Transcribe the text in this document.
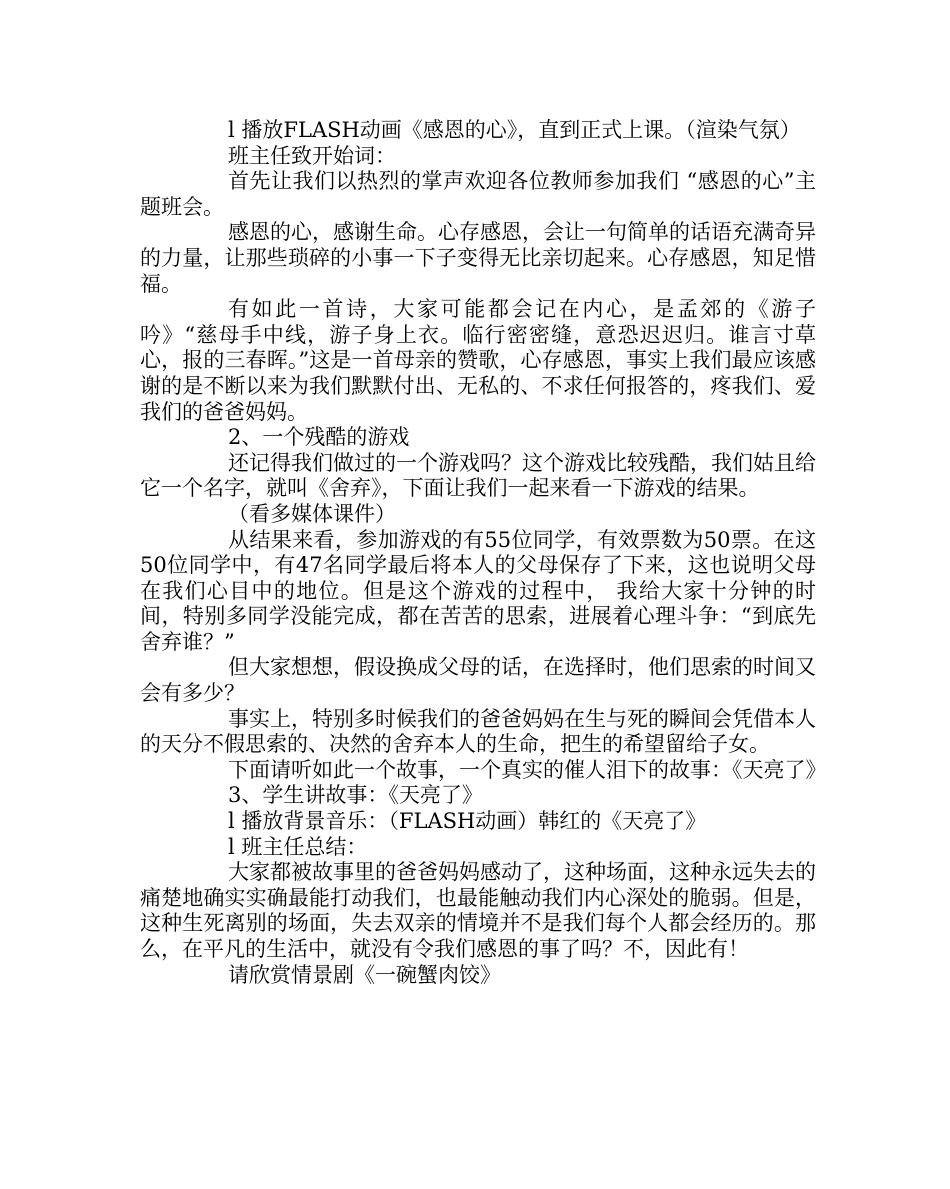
l 播放FLASH动画《感恩的心》，直到正式上课。（渲染气氛）

班主任致开始词：

首先让我们以热烈的掌声欢迎各位教师参加我们 “感恩的心”主题班会。

感恩的心，感谢生命。心存感恩，会让一句简单的话语充满奇异的力量，让那些琐碎的小事一下子变得无比亲切起来。心存感恩，知足惜福。

有如此一首诗，大家可能都会记在内心，是孟郊的《游子吟》“慈母手中线，游子身上衣。临行密密缝，意恐迟迟归。谁言寸草心，报的三春晖。”这是一首母亲的赞歌，心存感恩，事实上我们最应该感谢的是不断以来为我们默默付出、无私的、不求任何报答的，疼我们、爱我们的爸爸妈妈。

2、一个残酷的游戏

还记得我们做过的一个游戏吗？这个游戏比较残酷，我们姑且给它一个名字，就叫《舍弃》，下面让我们一起来看一下游戏的结果。

（看多媒体课件）

从结果来看，参加游戏的有55位同学，有效票数为50票。在这50位同学中，有47名同学最后将本人的父母保存了下来，这也说明父母在我们心目中的地位。但是这个游戏的过程中， 我给大家十分钟的时间，特别多同学没能完成，都在苦苦的思索，进展着心理斗争：“到底先舍弃谁？”

但大家想想，假设换成父母的话，在选择时，他们思索的时间又会有多少？

事实上，特别多时候我们的爸爸妈妈在生与死的瞬间会凭借本人的天分不假思索的、决然的舍弃本人的生命，把生的希望留给子女。

下面请听如此一个故事，一个真实的催人泪下的故事：《天亮了》

3、学生讲故事：《天亮了》

l 播放背景音乐：（FLASH动画）韩红的《天亮了》

l 班主任总结：

大家都被故事里的爸爸妈妈感动了，这种场面，这种永远失去的痛楚地确实实确最能打动我们，也最能触动我们内心深处的脆弱。但是，这种生死离别的场面，失去双亲的情境并不是我们每个人都会经历的。那么，在平凡的生活中，就没有令我们感恩的事了吗？不，因此有！

请欣赏情景剧《一碗蟹肉饺》
